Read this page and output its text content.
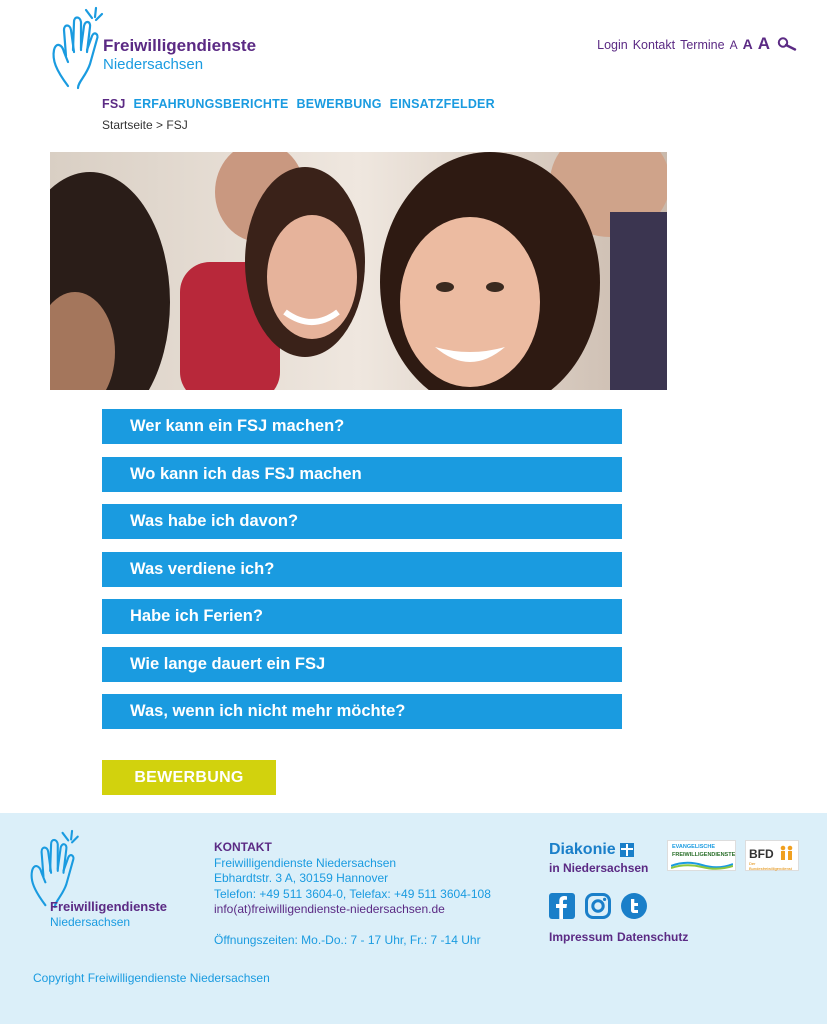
Freiwilligendienste
Niedersachsen
Login Kontakt Termine A A A
FSJ ERFAHRUNGSBERICHTE BEWERBUNG EINSATZFELDER
Startseite > FSJ
Wer kann ein FSJ machen?
Wo kann ich das FSJ machen
Was habe ich davon?
Was verdiene ich?
Habe ich Ferien?
Wie lange dauert ein FSJ
Was, wenn ich nicht mehr möchte?
BEWERBUNG
Freiwilligendienste
Niedersachsen
KONTAKT
Freiwilligendienste Niedersachsen
Ebhardtstr. 3 A, 30159 Hannover
Telefon: +49 511 3604-0, Telefax: +49 511 3604-108
info(at)freiwilligendienste-niedersachsen.de
Öffnungszeiten: Mo.-Do.: 7 - 17 Uhr, Fr.: 7 -14 Uhr
Diakonie
in Niedersachsen
EVANGELISCHE
FREIWILLIGENDIENSTE BFD
Der Bundesfreiwilligendienst
Impressum Datenschutz
Copyright Freiwilligendienste Niedersachsen
